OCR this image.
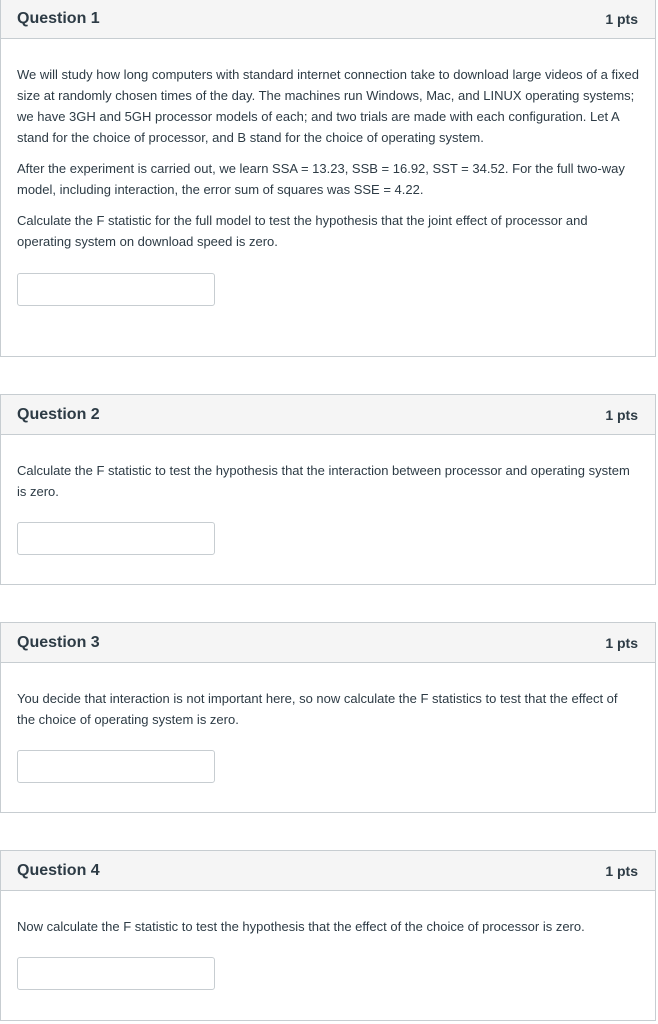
Question 1	1 pts

We will study how long computers with standard internet connection take to download large videos of a fixed size at randomly chosen times of the day. The machines run Windows, Mac, and LINUX operating systems; we have 3GH and 5GH processor models of each; and two trials are made with each configuration. Let A stand for the choice of processor, and B stand for the choice of operating system.

After the experiment is carried out, we learn SSA = 13.23, SSB = 16.92, SST = 34.52. For the full two-way model, including interaction, the error sum of squares was SSE = 4.22.

Calculate the F statistic for the full model to test the hypothesis that the joint effect of processor and operating system on download speed is zero.

Question 2	1 pts

Calculate the F statistic to test the hypothesis that the interaction between processor and operating system is zero.

Question 3	1 pts

You decide that interaction is not important here, so now calculate the F statistics to test that the effect of the choice of operating system is zero.

Question 4	1 pts

Now calculate the F statistic to test the hypothesis that the effect of the choice of processor is zero.
